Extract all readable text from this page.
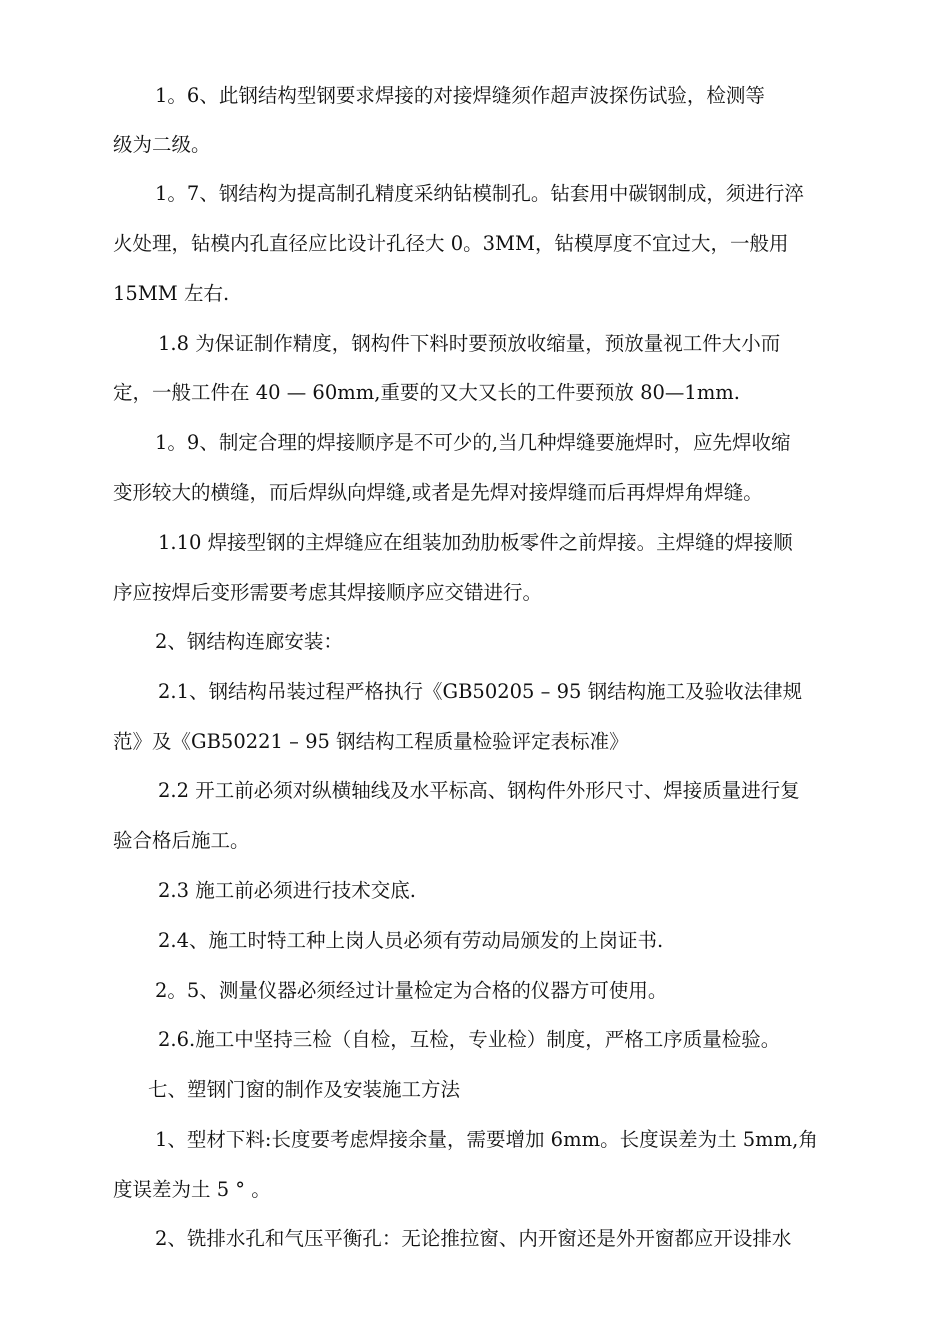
1。6、此钢结构型钢要求焊接的对接焊缝须作超声波探伤试验，检测等
级为二级。
1。7、钢结构为提高制孔精度采纳钻模制孔。钻套用中碳钢制成，须进行淬
火处理，钻模内孔直径应比设计孔径大 0。3MM，钻模厚度不宜过大，一般用
15MM 左右.
1.8 为保证制作精度，钢构件下料时要预放收缩量，预放量视工件大小而
定，一般工件在 40 — 60mm,重要的又大又长的工件要预放 80—1mm.
1。9、制定合理的焊接顺序是不可少的,当几种焊缝要施焊时，应先焊收缩
变形较大的横缝，而后焊纵向焊缝,或者是先焊对接焊缝而后再焊焊角焊缝。
1.10 焊接型钢的主焊缝应在组装加劲肋板零件之前焊接。主焊缝的焊接顺
序应按焊后变形需要考虑其焊接顺序应交错进行。
2、钢结构连廊安装：
2.1、钢结构吊装过程严格执行《GB50205 – 95 钢结构施工及验收法律规
范》及《GB50221 – 95 钢结构工程质量检验评定表标准》
2.2 开工前必须对纵横轴线及水平标高、钢构件外形尺寸、焊接质量进行复
验合格后施工。
2.3 施工前必须进行技术交底.
2.4、施工时特工种上岗人员必须有劳动局颁发的上岗证书.
2。5、测量仪器必须经过计量检定为合格的仪器方可使用。
2.6.施工中坚持三检（自检，互检，专业检）制度，严格工序质量检验。
七、塑钢门窗的制作及安装施工方法
1、型材下料:长度要考虑焊接余量，需要增加 6mm。长度误差为土 5mm,角
度误差为土 5 ° 。
2、铣排水孔和气压平衡孔：无论推拉窗、内开窗还是外开窗都应开设排水
